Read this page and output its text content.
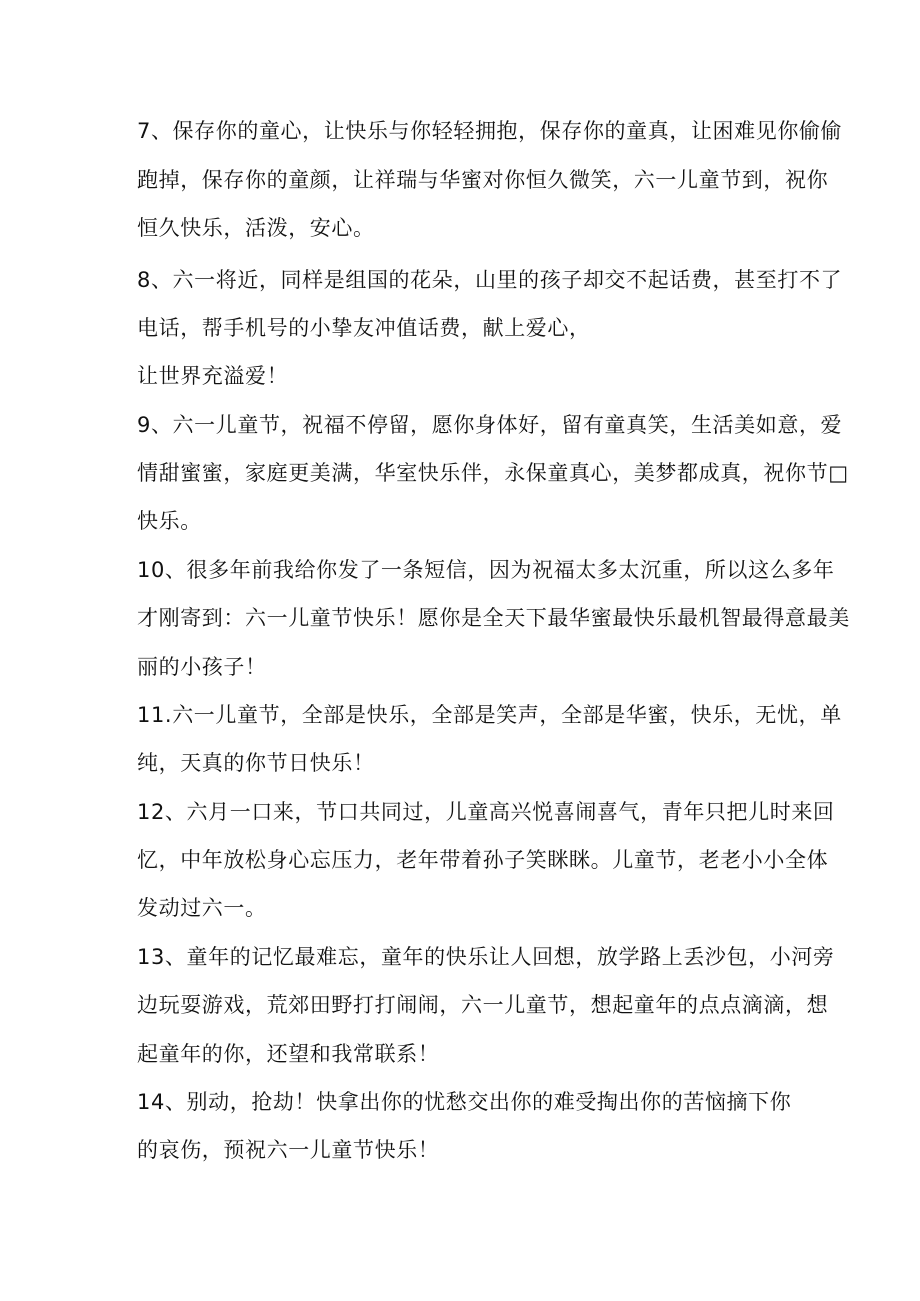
7、保存你的童心，让快乐与你轻轻拥抱，保存你的童真，让困难见你偷偷
跑掉，保存你的童颜，让祥瑞与华蜜对你恒久微笑，六一儿童节到，祝你
恒久快乐，活泼，安心。
8、六一将近，同样是组国的花朵，山里的孩子却交不起话费，甚至打不了
电话，帮手机号的小挚友冲值话费，献上爱心，
让世界充溢爱！
9、六一儿童节，祝福不停留，愿你身体好，留有童真笑，生活美如意，爱
情甜蜜蜜，家庭更美满，华室快乐伴，永保童真心，美梦都成真，祝你节□
快乐。
10、很多年前我给你发了一条短信，因为祝福太多太沉重，所以这么多年
才刚寄到：六一儿童节快乐！愿你是全天下最华蜜最快乐最机智最得意最美
丽的小孩子！
11.六一儿童节，全部是快乐，全部是笑声，全部是华蜜，快乐，无忧，单
纯，天真的你节日快乐！
12、六月一口来，节口共同过，儿童高兴悦喜闹喜气，青年只把儿时来回
忆，中年放松身心忘压力，老年带着孙子笑眯眯。儿童节，老老小小全体
发动过六一。
13、童年的记忆最难忘，童年的快乐让人回想，放学路上丢沙包，小河旁
边玩耍游戏，荒郊田野打打闹闹，六一儿童节，想起童年的点点滴滴，想
起童年的你，还望和我常联系！
14、别动，抢劫！快拿出你的忧愁交出你的难受掏出你的苦恼摘下你
的哀伤，预祝六一儿童节快乐！
